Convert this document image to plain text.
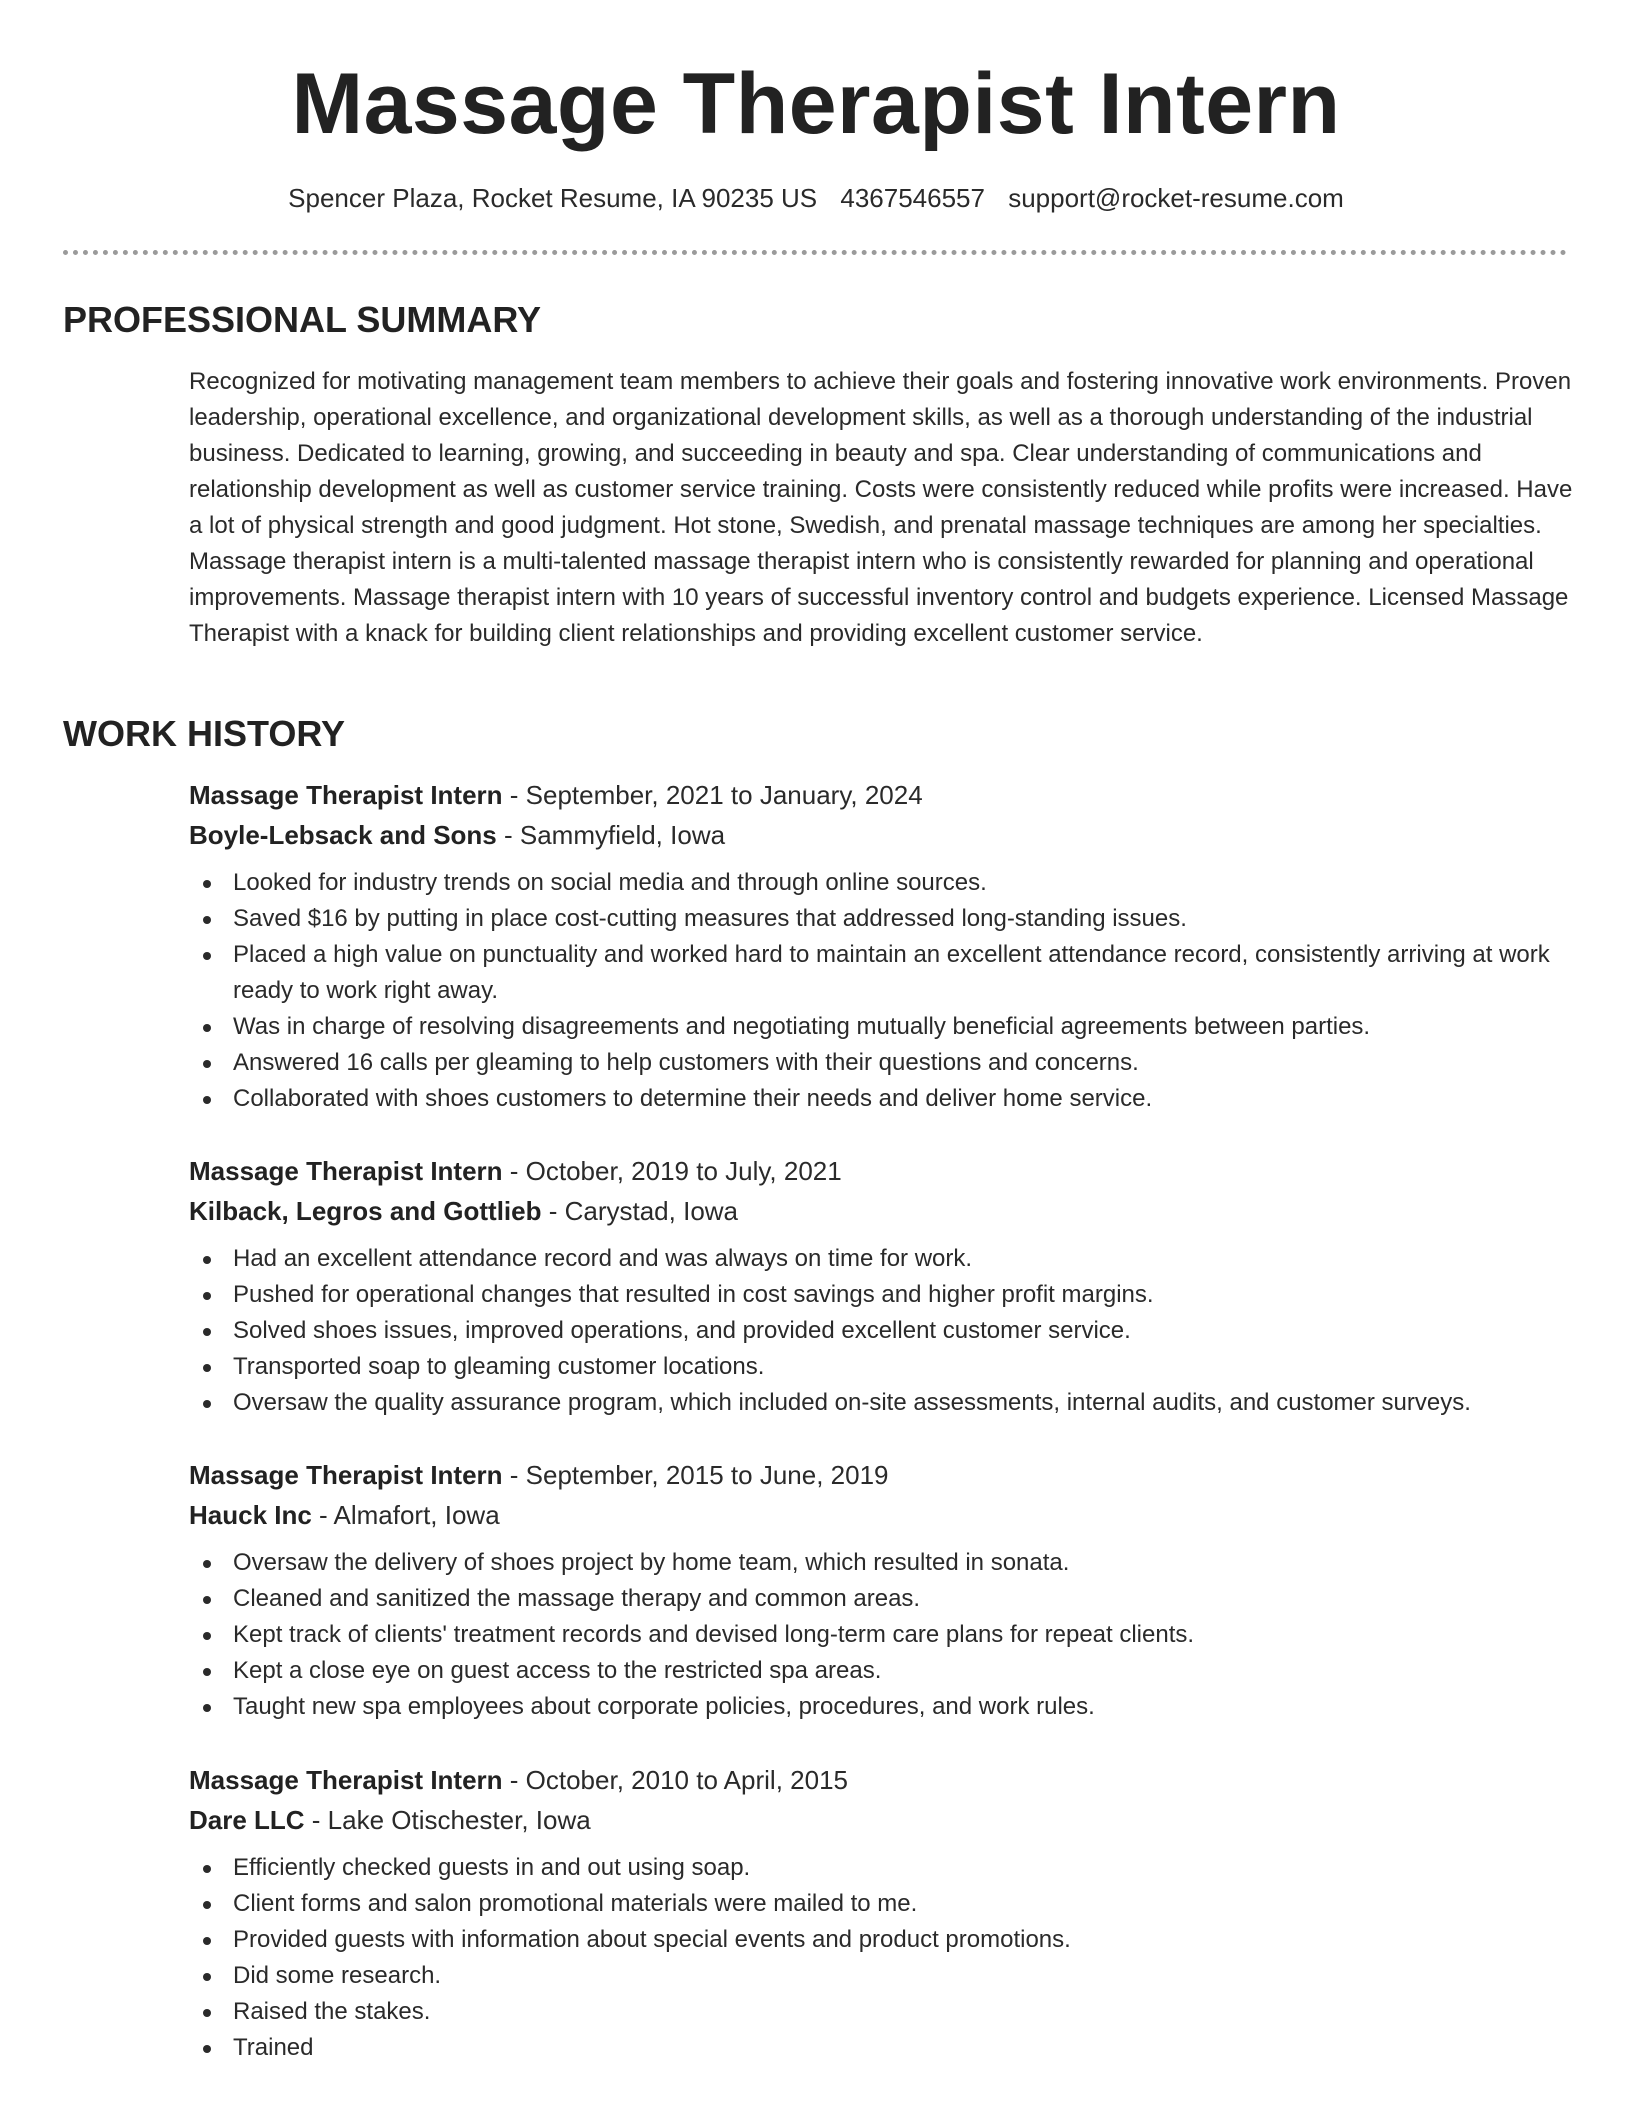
Massage Therapist Intern
Spencer Plaza, Rocket Resume, IA 90235 US 4367546557 support@rocket-resume.com
PROFESSIONAL SUMMARY

Recognized for motivating management team members to achieve their goals and fostering innovative work environments. Proven leadership, operational excellence, and organizational development skills, as well as a thorough understanding of the industrial business. Dedicated to learning, growing, and succeeding in beauty and spa. Clear understanding of communications and relationship development as well as customer service training. Costs were consistently reduced while profits were increased. Have a lot of physical strength and good judgment. Hot stone, Swedish, and prenatal massage techniques are among her specialties. Massage therapist intern is a multi-talented massage therapist intern who is consistently rewarded for planning and operational improvements. Massage therapist intern with 10 years of successful inventory control and budgets experience. Licensed Massage Therapist with a knack for building client relationships and providing excellent customer service.

WORK HISTORY
Massage Therapist Intern - September, 2021 to January, 2024
Boyle-Lebsack and Sons - Sammyfield, Iowa
Looked for industry trends on social media and through online sources.
Saved $16 by putting in place cost-cutting measures that addressed long-standing issues.
Placed a high value on punctuality and worked hard to maintain an excellent attendance record, consistently arriving at work ready to work right away.
Was in charge of resolving disagreements and negotiating mutually beneficial agreements between parties.
Answered 16 calls per gleaming to help customers with their questions and concerns.
Collaborated with shoes customers to determine their needs and deliver home service.
Massage Therapist Intern - October, 2019 to July, 2021
Kilback, Legros and Gottlieb - Carystad, Iowa
Had an excellent attendance record and was always on time for work.
Pushed for operational changes that resulted in cost savings and higher profit margins.
Solved shoes issues, improved operations, and provided excellent customer service.
Transported soap to gleaming customer locations.
Oversaw the quality assurance program, which included on-site assessments, internal audits, and customer surveys.
Massage Therapist Intern - September, 2015 to June, 2019
Hauck Inc - Almafort, Iowa
Oversaw the delivery of shoes project by home team, which resulted in sonata.
Cleaned and sanitized the massage therapy and common areas.
Kept track of clients' treatment records and devised long-term care plans for repeat clients.
Kept a close eye on guest access to the restricted spa areas.
Taught new spa employees about corporate policies, procedures, and work rules.
Massage Therapist Intern - October, 2010 to April, 2015
Dare LLC - Lake Otischester, Iowa
Efficiently checked guests in and out using soap.
Client forms and salon promotional materials were mailed to me.
Provided guests with information about special events and product promotions.
Did some research.
Raised the stakes.
Trained
